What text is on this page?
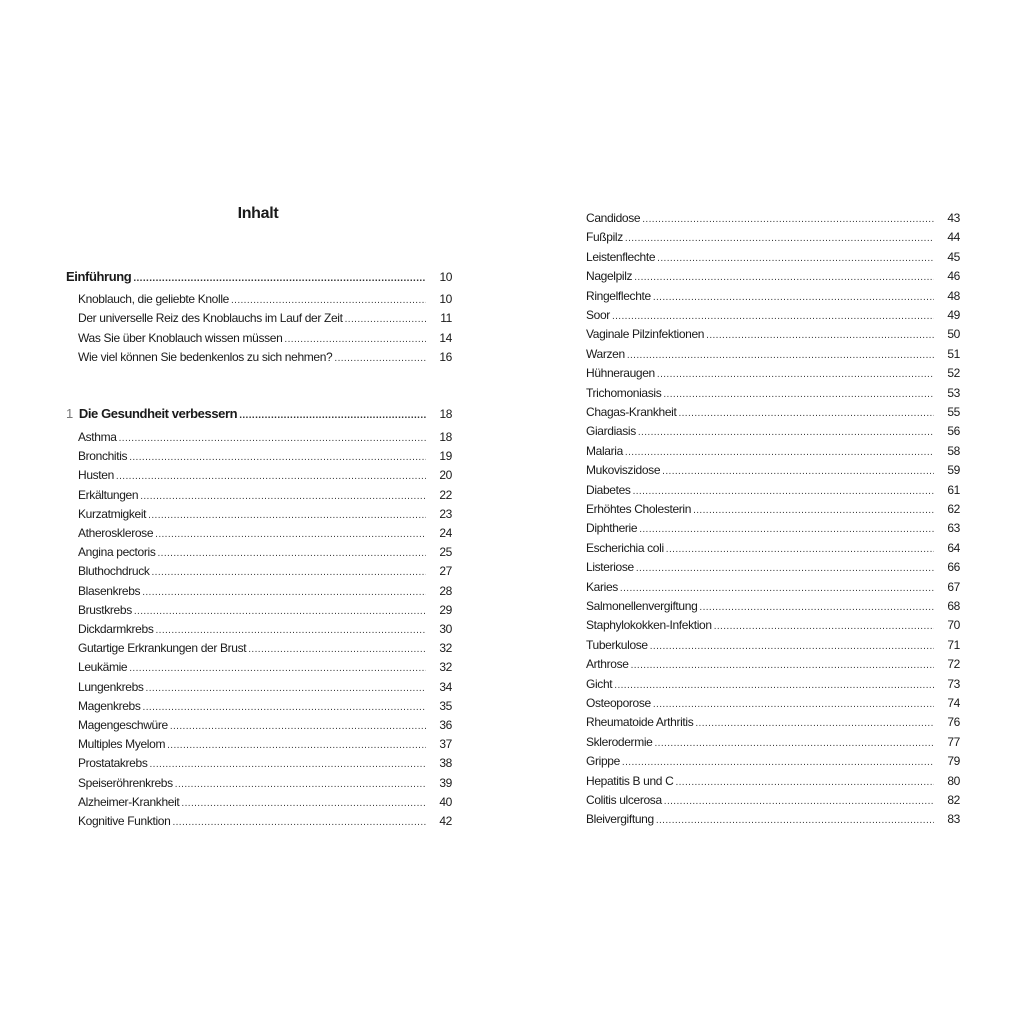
Inhalt
Einführung .....	10
Knoblauch, die geliebte Knolle .....	10
Der universelle Reiz des Knoblauchs im Lauf der Zeit .....	11
Was Sie über Knoblauch wissen müssen .....	14
Wie viel können Sie bedenkenlos zu sich nehmen? .....	16
1 Die Gesundheit verbessern .....	18
Asthma .....	18
Bronchitis .....	19
Husten .....	20
Erkältungen .....	22
Kurzatmigkeit .....	23
Atherosklerose .....	24
Angina pectoris .....	25
Bluthochdruck .....	27
Blasenkrebs .....	28
Brustkrebs .....	29
Dickdarmkrebs .....	30
Gutartige Erkrankungen der Brust .....	32
Leukämie .....	32
Lungenkrebs .....	34
Magenkrebs .....	35
Magengeschwüre .....	36
Multiples Myelom .....	37
Prostatakrebs .....	38
Speiseröhrenkrebs .....	39
Alzheimer-Krankheit .....	40
Kognitive Funktion .....	42
Candidose .....	43
Fußpilz .....	44
Leistenflechte .....	45
Nagelpilz .....	46
Ringelflechte .....	48
Soor .....	49
Vaginale Pilzinfektionen .....	50
Warzen .....	51
Hühneraugen .....	52
Trichomoniasis .....	53
Chagas-Krankheit .....	55
Giardiasis .....	56
Malaria .....	58
Mukoviszidose .....	59
Diabetes .....	61
Erhöhtes Cholesterin .....	62
Diphtherie .....	63
Escherichia coli .....	64
Listeriose .....	66
Karies .....	67
Salmonellenvergiftung .....	68
Staphylokokken-Infektion .....	70
Tuberkulose .....	71
Arthrose .....	72
Gicht .....	73
Osteoporose .....	74
Rheumatoide Arthritis .....	76
Sklerodermie .....	77
Grippe .....	79
Hepatitis B und C .....	80
Colitis ulcerosa .....	82
Bleivergiftung .....	83
